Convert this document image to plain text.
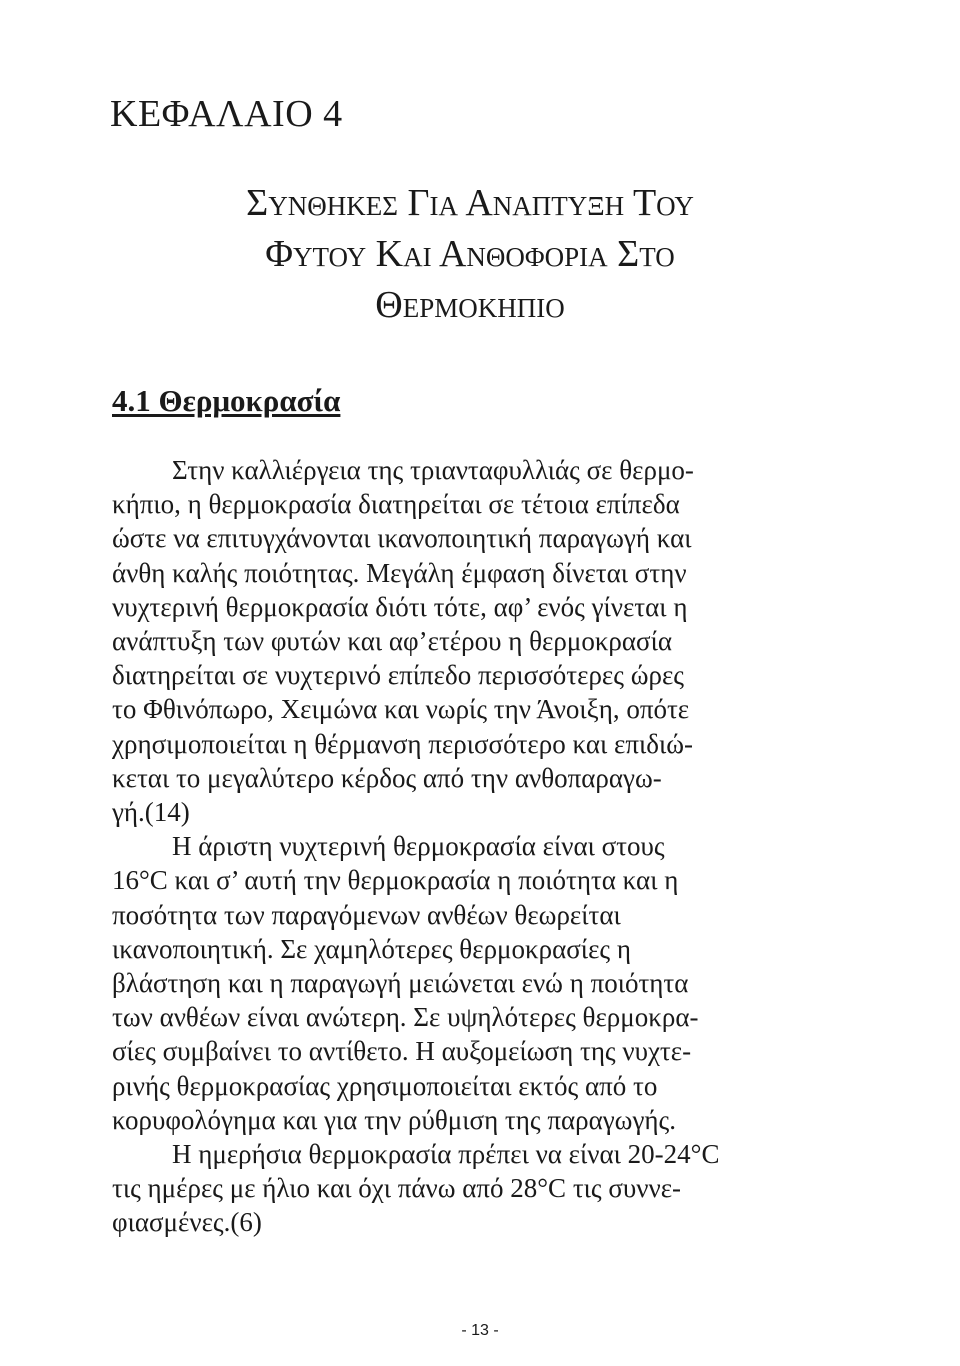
ΚΕΦΑΛΑΙΟ 4
Συνθηκες Για Αναπτυξη Του
Φυτου Και Ανθοφορια Στο
Θερμοκηπιο
4.1 Θερμοκρασία

Στην καλλιέργεια της τριανταφυλλιάς σε θερμο-
κήπιο, η θερμοκρασία διατηρείται σε τέτοια επίπεδα
ώστε να επιτυγχάνονται ικανοποιητική παραγωγή και
άνθη καλής ποιότητας. Μεγάλη έμφαση δίνεται στην
νυχτερινή θερμοκρασία διότι τότε, αφ’ ενός γίνεται η
ανάπτυξη των φυτών και αφ’ετέρου η θερμοκρασία
διατηρείται σε νυχτερινό επίπεδο περισσότερες ώρες
το Φθινόπωρο, Χειμώνα και νωρίς την Άνοιξη, οπότε
χρησιμοποιείται η θέρμανση περισσότερο και επιδιώ-
κεται το μεγαλύτερο κέρδος από την ανθοπαραγω-
γή.(14)

Η άριστη νυχτερινή θερμοκρασία είναι στους
16°C και σ’ αυτή την θερμοκρασία η ποιότητα και η
ποσότητα των παραγόμενων ανθέων θεωρείται
ικανοποιητική. Σε χαμηλότερες θερμοκρασίες η
βλάστηση και η παραγωγή μειώνεται ενώ η ποιότητα
των ανθέων είναι ανώτερη. Σε υψηλότερες θερμοκρα-
σίες συμβαίνει το αντίθετο. Η αυξομείωση της νυχτε-
ρινής θερμοκρασίας χρησιμοποιείται εκτός από το
κορυφολόγημα και για την ρύθμιση της παραγωγής.

Η ημερήσια θερμοκρασία πρέπει να είναι 20-24°C
τις ημέρες με ήλιο και όχι πάνω από 28°C τις συννε-
φιασμένες.(6)

- 13 -
